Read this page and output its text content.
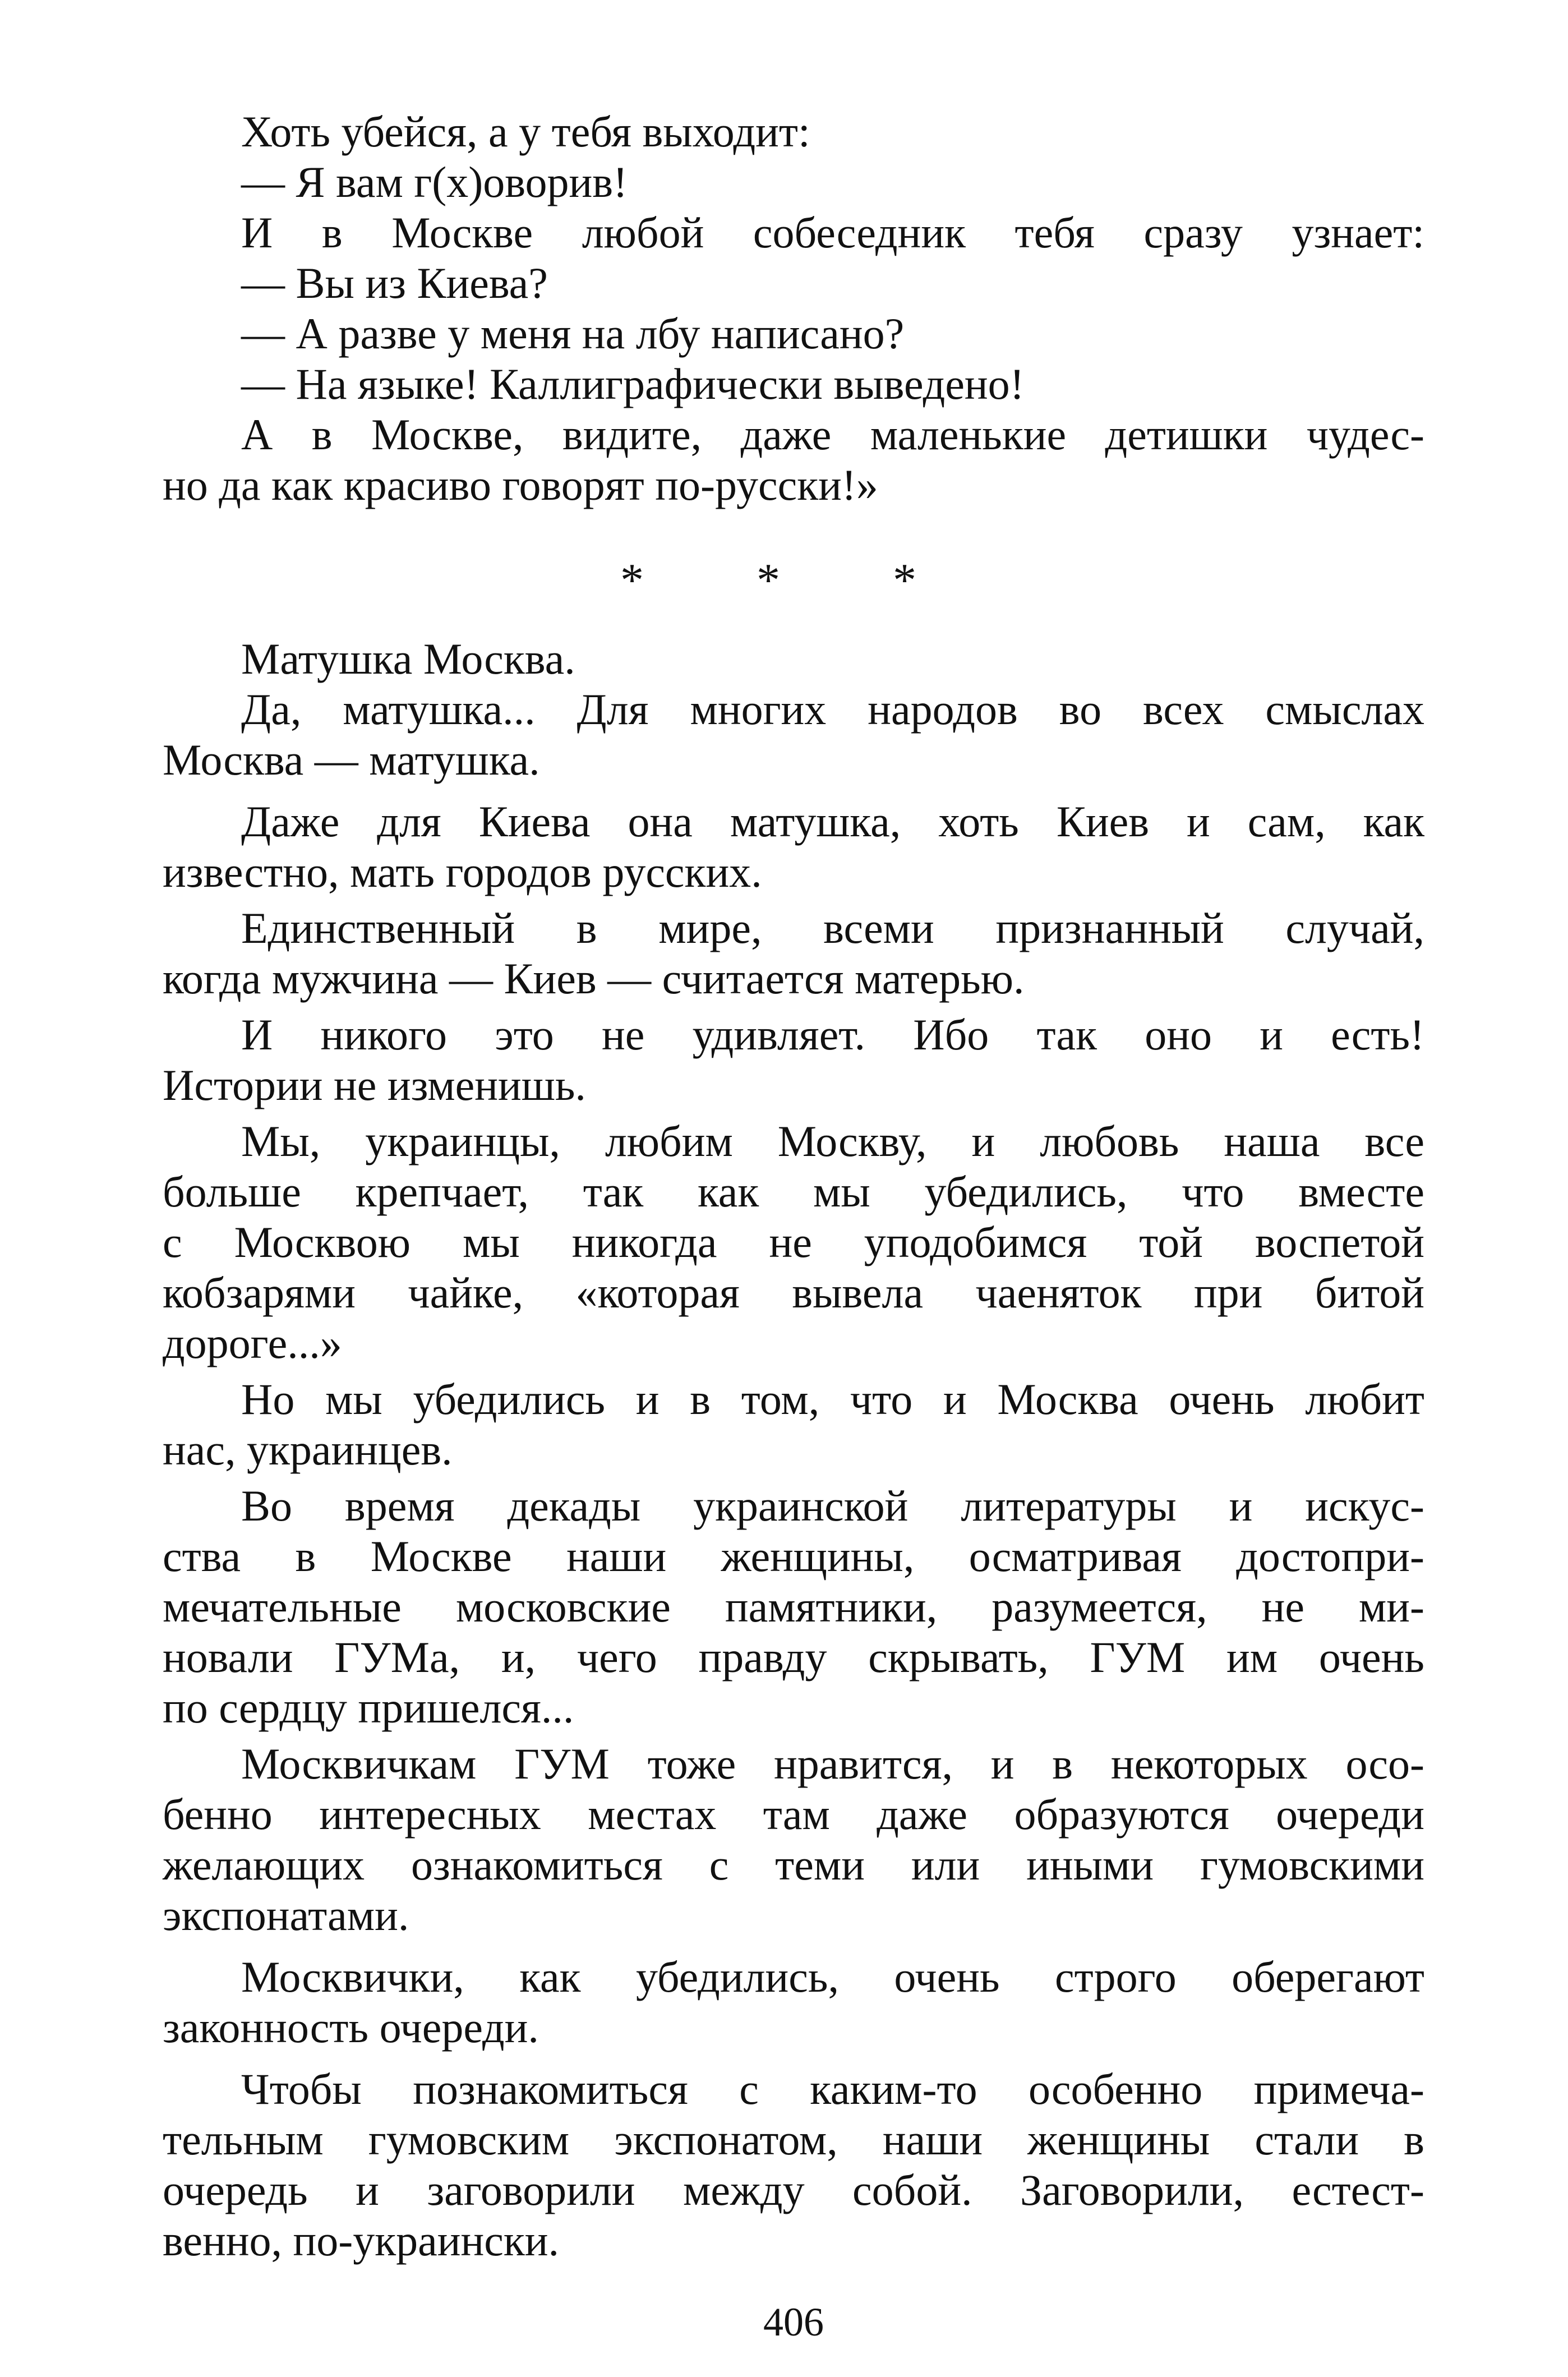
Хоть убейся, а у тебя выходит:
— Я вам г(х)оворив!
И в Москве любой собеседник тебя сразу узнает:
— Вы из Киева?
— А разве у меня на лбу написано?
— На языке! Каллиграфически выведено!
А в Москве, видите, даже маленькие детишки чудес-
но да как красиво говорят по-русски!»
* * *
Матушка Москва.
Да, матушка... Для многих народов во всех смыслах
Москва — матушка.
Даже для Киева она матушка, хоть Киев и сам, как
известно, мать городов русских.
Единственный в мире, всеми признанный случай,
когда мужчина — Киев — считается матерью.
И никого это не удивляет. Ибо так оно и есть!
Истории не изменишь.
Мы, украинцы, любим Москву, и любовь наша все
больше крепчает, так как мы убедились, что вместе
с Москвою мы никогда не уподобимся той воспетой
кобзарями чайке, «которая вывела чаеняток при битой
дороге...»
Но мы убедились и в том, что и Москва очень любит
нас, украинцев.
Во время декады украинской литературы и искус-
ства в Москве наши женщины, осматривая достопри-
мечательные московские памятники, разумеется, не ми-
новали ГУМа, и, чего правду скрывать, ГУМ им очень
по сердцу пришелся...
Москвичкам ГУМ тоже нравится, и в некоторых осо-
бенно интересных местах там даже образуются очереди
желающих ознакомиться с теми или иными гумовскими
экспонатами.
Москвички, как убедились, очень строго оберегают
законность очереди.
Чтобы познакомиться с каким-то особенно примеча-
тельным гумовским экспонатом, наши женщины стали в
очередь и заговорили между собой. Заговорили, естест-
венно, по-украински.
406
